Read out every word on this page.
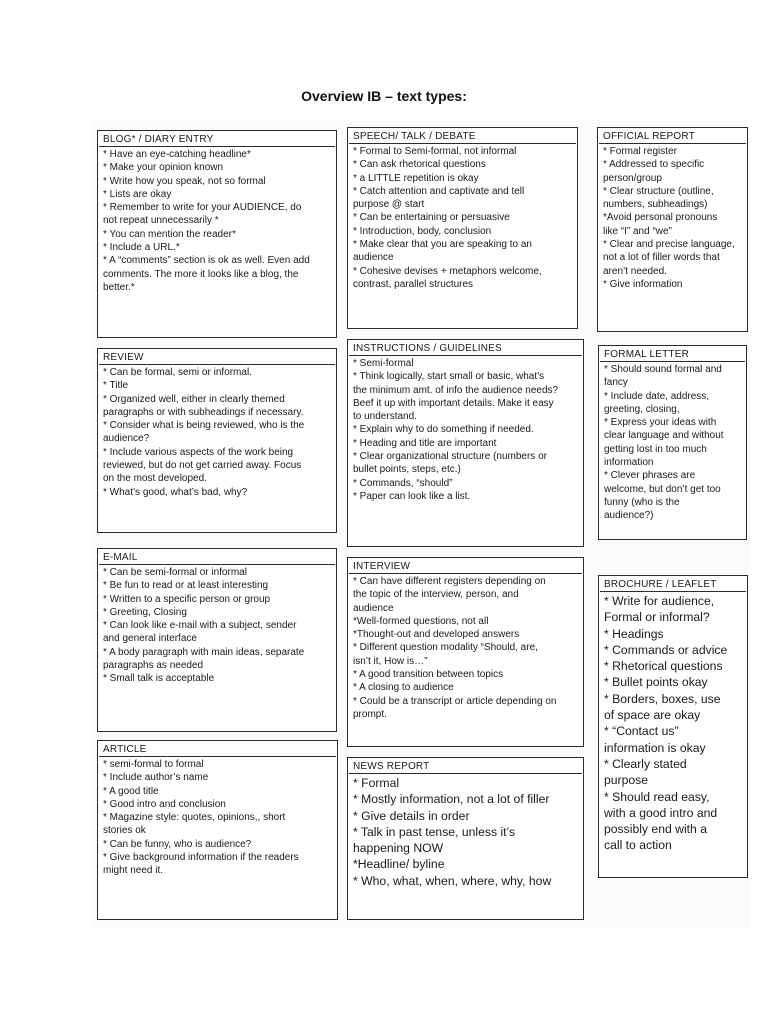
Overview IB – text types:
BLOG* / DIARY ENTRY
* Have an eye-catching headline*
* Make your opinion known
* Write how you speak, not so formal
* Lists are okay
* Remember to write for your AUDIENCE, do
not repeat unnecessarily *
* You can mention the reader*
* Include a URL.*
* A “comments” section is ok as well. Even add
comments. The more it looks like a blog, the
better.*
SPEECH/ TALK / DEBATE
* Formal to Semi-formal, not informal
* Can ask rhetorical questions
* a LITTLE repetition is okay
* Catch attention and captivate and tell
purpose @ start
* Can be entertaining or persuasive
* Introduction, body, conclusion
* Make clear that you are speaking to an
audience
* Cohesive devises + metaphors welcome,
contrast, parallel structures
OFFICIAL REPORT
* Formal register
* Addressed to specific
person/group
* Clear structure (outline,
numbers, subheadings)
*Avoid personal pronouns
like “I” and “we”
* Clear and precise language,
not a lot of filler words that
aren’t needed.
* Give information
REVIEW
* Can be formal, semi or informal.
* Title
* Organized well, either in clearly themed
paragraphs or with subheadings if necessary.
* Consider what is being reviewed, who is the
audience?
* Include various aspects of the work being
reviewed, but do not get carried away. Focus
on the most developed.
* What’s good, what’s bad, why?
INSTRUCTIONS / GUIDELINES
* Semi-formal
* Think logically, start small or basic, what’s
the minimum amt. of info the audience needs?
Beef it up with important details. Make it easy
to understand.
* Explain why to do something if needed.
* Heading and title are important
* Clear organizational structure (numbers or
bullet points, steps, etc.)
* Commands, “should”
* Paper can look like a list.
FORMAL LETTER
* Should sound formal and
fancy
* Include date, address,
greeting, closing,
* Express your ideas with
clear language and without
getting lost in too much
information
* Clever phrases are
welcome, but don’t get too
funny (who is the
audience?)
E-MAIL
* Can be semi-formal or informal
* Be fun to read or at least interesting
* Written to a specific person or group
* Greeting, Closing
* Can look like e-mail with a subject, sender
and general interface
* A body paragraph with main ideas, separate
paragraphs as needed
* Small talk is acceptable
INTERVIEW
* Can have different registers depending on
the topic of the interview, person, and
audience
*Well-formed questions, not all
*Thought-out and developed answers
* Different question modality “Should, are,
isn’t it, How is…”
* A good transition between topics
* A closing to audience
* Could be a transcript or article depending on
prompt.
BROCHURE / LEAFLET
* Write for audience,
Formal or informal?
* Headings
* Commands or advice
* Rhetorical questions
* Bullet points okay
* Borders, boxes, use
of space are okay
* “Contact us”
information is okay
* Clearly stated
purpose
* Should read easy,
with a good intro and
possibly end with a
call to action
ARTICLE
* semi-formal to formal
* Include author’s name
* A good title
* Good intro and conclusion
* Magazine style: quotes, opinions,, short
stories ok
* Can be funny, who is audience?
* Give background information if the readers
might need it.
NEWS REPORT
* Formal
* Mostly information, not a lot of filler
* Give details in order
* Talk in past tense, unless it’s
happening NOW
*Headline/ byline
* Who, what, when, where, why, how
